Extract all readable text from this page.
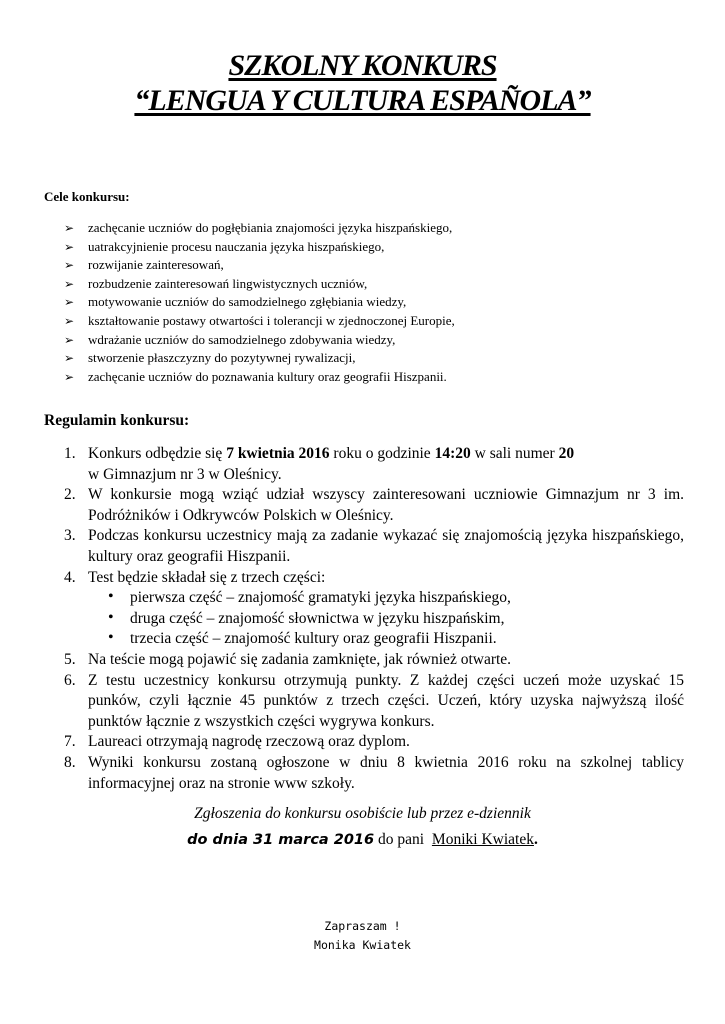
SZKOLNY KONKURS
“LENGUA Y CULTURA ESPAÑOLA”
Cele konkursu:
➢ zachęcanie uczniów do pogłębiania znajomości języka hiszpańskiego,
➢ uatrakcyjnienie procesu nauczania języka hiszpańskiego,
➢ rozwijanie zainteresowań,
➢ rozbudzenie zainteresowań lingwistycznych uczniów,
➢ motywowanie uczniów do samodzielnego zgłębiania wiedzy,
➢ kształtowanie postawy otwartości i tolerancji w zjednoczonej Europie,
➢ wdrażanie uczniów do samodzielnego zdobywania wiedzy,
➢ stworzenie płaszczyzny do pozytywnej rywalizacji,
➢ zachęcanie uczniów do poznawania kultury oraz geografii Hiszpanii.
Regulamin konkursu:
1. Konkurs odbędzie się 7 kwietnia 2016 roku o godzinie 14:20 w sali numer 20
w Gimnazjum nr 3 w Oleśnicy.
2. W konkursie mogą wziąć udział wszyscy zainteresowani uczniowie Gimnazjum nr 3 im. Podróżników i Odkrywców Polskich w Oleśnicy.
3. Podczas konkursu uczestnicy mają za zadanie wykazać się znajomością języka hiszpańskiego, kultury oraz geografii Hiszpanii.
4. Test będzie składał się z trzech części:
• pierwsza część – znajomość gramatyki języka hiszpańskiego,
• druga część – znajomość słownictwa w języku hiszpańskim,
• trzecia część – znajomość kultury oraz geografii Hiszpanii.
5. Na teście mogą pojawić się zadania zamknięte, jak również otwarte.
6. Z testu uczestnicy konkursu otrzymują punkty. Z każdej części uczeń może uzyskać 15 punków, czyli łącznie 45 punktów z trzech części. Uczeń, który uzyska najwyższą ilość punktów łącznie z wszystkich części wygrywa konkurs.
7. Laureaci otrzymają nagrodę rzeczową oraz dyplom.
8. Wyniki konkursu zostaną ogłoszone w dniu 8 kwietnia 2016 roku na szkolnej tablicy informacyjnej oraz na stronie www szkoły.
Zgłoszenia do konkursu osobiście lub przez e-dziennik
do dnia 31 marca 2016 do pani Moniki Kwiatek.
Zapraszam !
Monika Kwiatek
